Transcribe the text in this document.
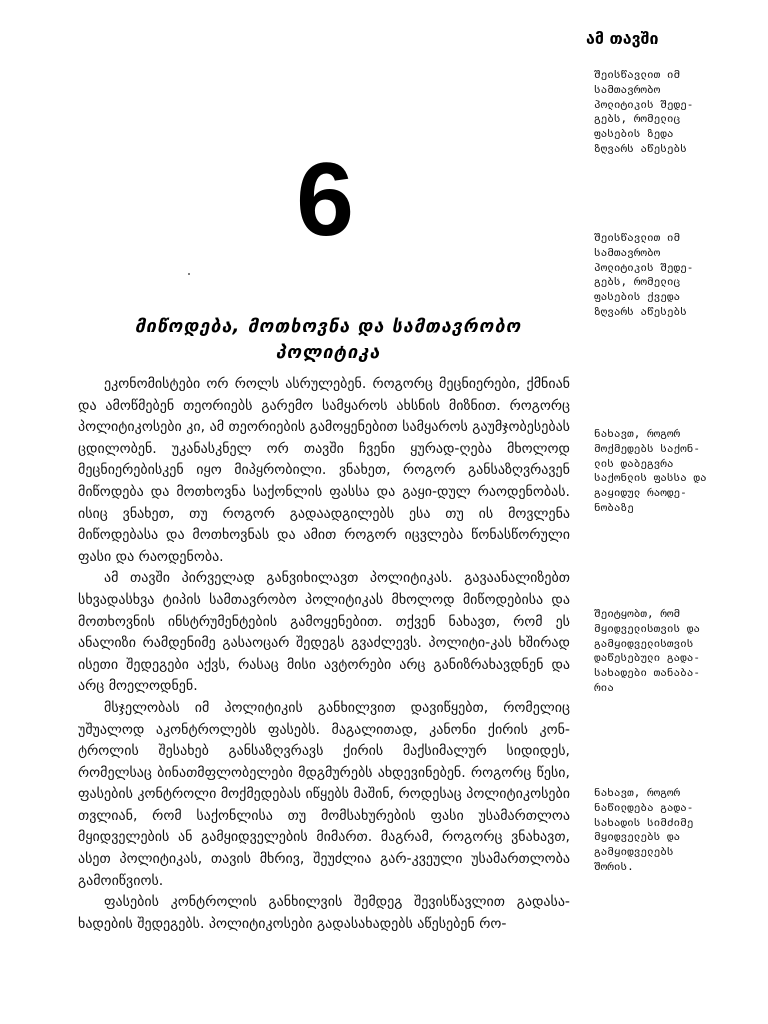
ამ თავში
შეისწავლით იმ
სამთავრობო
პოლიტიკის შედე-
გებს, რომელიც
ფასების ზედა
ზღვარს აწესებს
შეისწავლით იმ
სამთავრობო
პოლიტიკის შედე-
გებს, რომელიც
ფასების ქვედა
ზღვარს აწესებს
ნახავთ, როგორ
მოქმედებს საქონ-
ლის დაბეგვრა
საქონლის ფასსა და
გაყიდულ რაოდე-
ნობაზე
შეიტყობთ, რომ
მყიდველისთვის და
გამყიდველისთვის
დაწესებული გადა-
სახადები თანაბა-
რია
ნახავთ, როგორ
ნაწილდება გადა-
სახადის სიმძიმე
მყიდველებს და
გამყიდველებს
შორის.
6
მიწოდება, მოთხოვნა და სამთავრობო
პოლიტიკა

ეკონომისტები ორ როლს ასრულებენ. როგორც მეცნიერები, ქმნიან და ამოწმებენ თეორიებს გარემო სამყაროს ახსნის მიზნით. როგორც პოლიტიკოსები კი, ამ თეორიების გამოყენებით სამყაროს გაუმჯობესებას ცდილობენ. უკანასკნელ ორ თავში ჩვენი ყურად-ღება მხოლოდ მეცნიერებისკენ იყო მიპყრობილი. ვნახეთ, როგორ განსაზღვრავენ მიწოდება და მოთხოვნა საქონლის ფასსა და გაყი-დულ რაოდენობას. ისიც ვნახეთ, თუ როგორ გადაადგილებს ესა თუ ის მოვლენა მიწოდებასა და მოთხოვნას და ამით როგორ იცვლება წონასწორული ფასი და რაოდენობა.

ამ თავში პირველად განვიხილავთ პოლიტიკას. გავაანალიზებთ სხვადასხვა ტიპის სამთავრობო პოლიტიკას მხოლოდ მიწოდებისა და მოთხოვნის ინსტრუმენტების გამოყენებით. თქვენ ნახავთ, რომ ეს ანალიზი რამდენიმე გასაოცარ შედეგს გვაძლევს. პოლიტი-კას ხშირად ისეთი შედეგები აქვს, რასაც მისი ავტორები არც განიზრახავდნენ და არც მოელოდნენ.

მსჯელობას იმ პოლიტიკის განხილვით დავიწყებთ, რომელიც უშუალოდ აკონტროლებს ფასებს. მაგალითად, კანონი ქირის კონ-ტროლის შესახებ განსაზღვრავს ქირის მაქსიმალურ სიდიდეს, რომელსაც ბინათმფლობელები მდგმურებს ახდევინებენ. როგორც წესი, ფასების კონტროლი მოქმედებას იწყებს მაშინ, როდესაც პოლიტიკოსები თვლიან, რომ საქონლისა თუ მომსახურების ფასი უსამართლოა მყიდველების ან გამყიდველების მიმართ. მაგრამ, როგორც ვნახავთ, ასეთ პოლიტიკას, თავის მხრივ, შეუძლია გარ-კვეული უსამართლობა გამოიწვიოს.

ფასების კონტროლის განხილვის შემდეგ შევისწავლით გადასა-ხადების შედეგებს. პოლიტიკოსები გადასახადებს აწესებენ რო-
